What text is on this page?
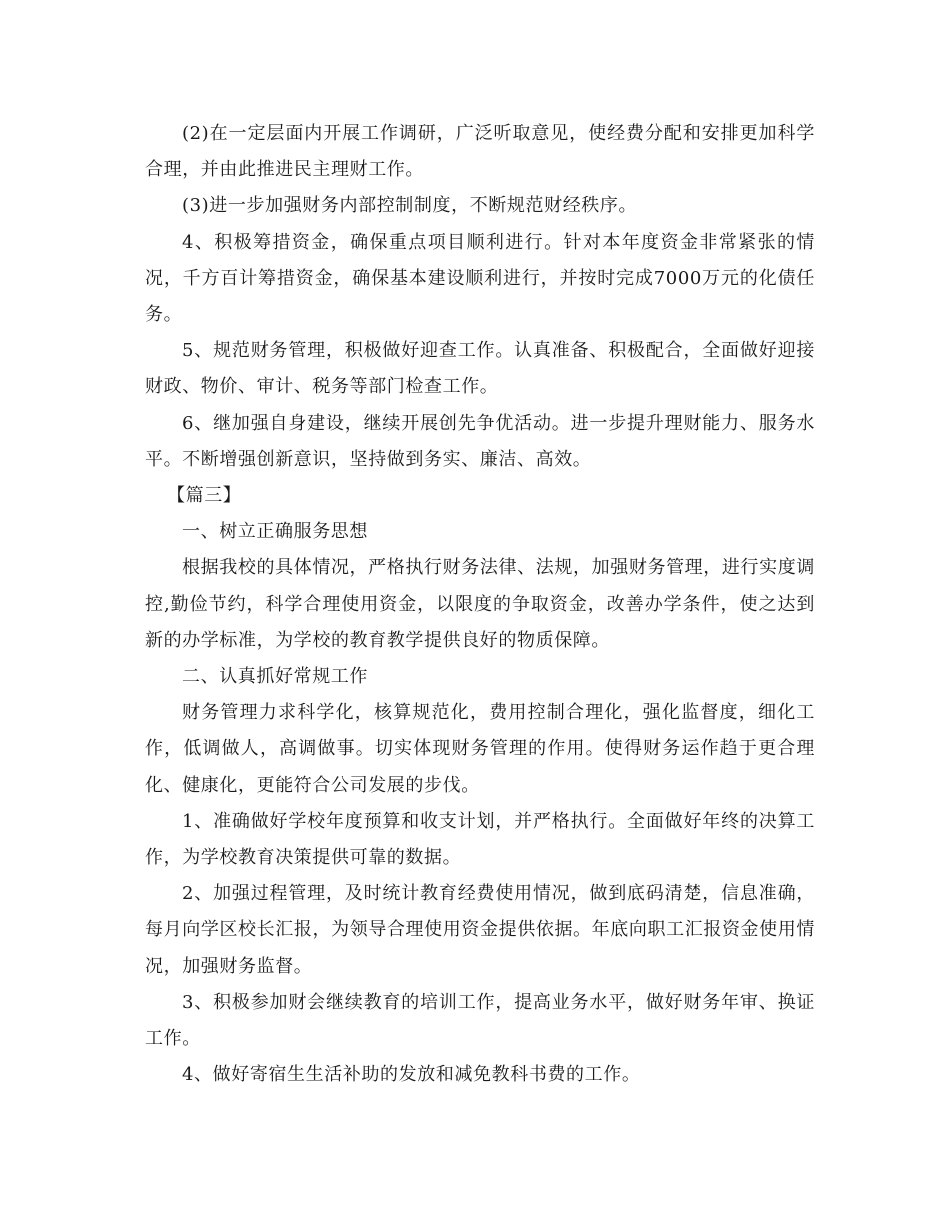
(2)在一定层面内开展工作调研，广泛听取意见，使经费分配和安排更加科学合理，并由此推进民主理财工作。

(3)进一步加强财务内部控制制度，不断规范财经秩序。

4、积极筹措资金，确保重点项目顺利进行。针对本年度资金非常紧张的情况，千方百计筹措资金，确保基本建设顺利进行，并按时完成7000万元的化债任务。

5、规范财务管理，积极做好迎查工作。认真准备、积极配合，全面做好迎接财政、物价、审计、税务等部门检查工作。

6、继加强自身建设，继续开展创先争优活动。进一步提升理财能力、服务水平。不断增强创新意识，坚持做到务实、廉洁、高效。

【篇三】

一、树立正确服务思想

根据我校的具体情况，严格执行财务法律、法规，加强财务管理，进行实度调控,勤俭节约，科学合理使用资金，以限度的争取资金，改善办学条件，使之达到新的办学标准，为学校的教育教学提供良好的物质保障。

二、认真抓好常规工作

财务管理力求科学化，核算规范化，费用控制合理化，强化监督度，细化工作，低调做人，高调做事。切实体现财务管理的作用。使得财务运作趋于更合理化、健康化，更能符合公司发展的步伐。

1、准确做好学校年度预算和收支计划，并严格执行。全面做好年终的决算工作，为学校教育决策提供可靠的数据。

2、加强过程管理，及时统计教育经费使用情况，做到底码清楚，信息准确，每月向学区校长汇报，为领导合理使用资金提供依据。年底向职工汇报资金使用情况，加强财务监督。

3、积极参加财会继续教育的培训工作，提高业务水平，做好财务年审、换证工作。

4、做好寄宿生生活补助的发放和减免教科书费的工作。
